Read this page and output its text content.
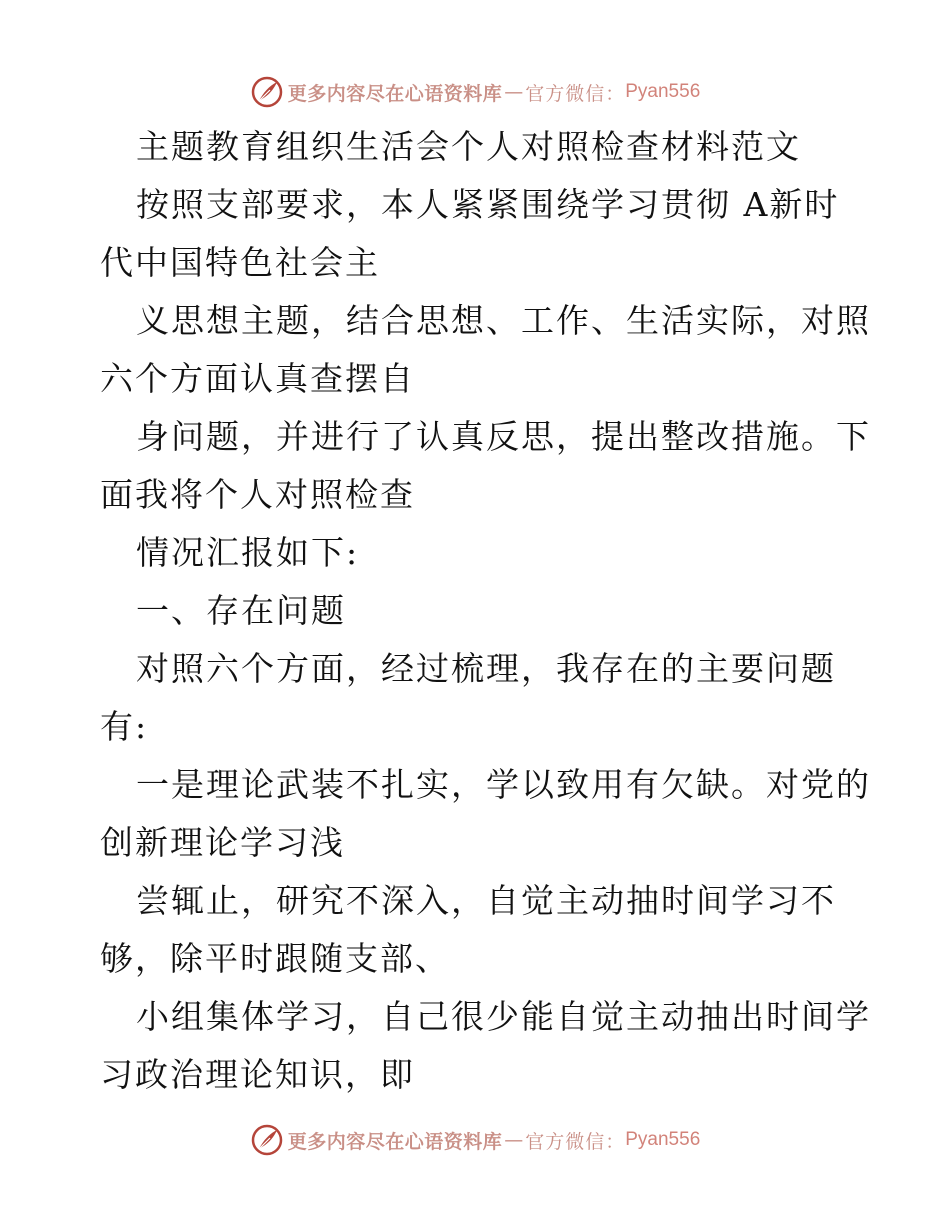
更多内容尽在心语资料库 — 官方微信： Pyan556
主题教育组织生活会个人对照检查材料范文
按照支部要求，本人紧紧围绕学习贯彻 A新时
代中国特色社会主
义思想主题，结合思想、工作、生活实际，对照
六个方面认真查摆自
身问题，并进行了认真反思，提出整改措施。下
面我将个人对照检查
情况汇报如下:
一、存在问题
对照六个方面，经过梳理，我存在的主要问题
有:
一是理论武装不扎实，学以致用有欠缺。对党的
创新理论学习浅
尝辄止，研究不深入，自觉主动抽时间学习不
够，除平时跟随支部、
小组集体学习，自己很少能自觉主动抽出时间学
习政治理论知识，即
更多内容尽在心语资料库 — 官方微信： Pyan556
